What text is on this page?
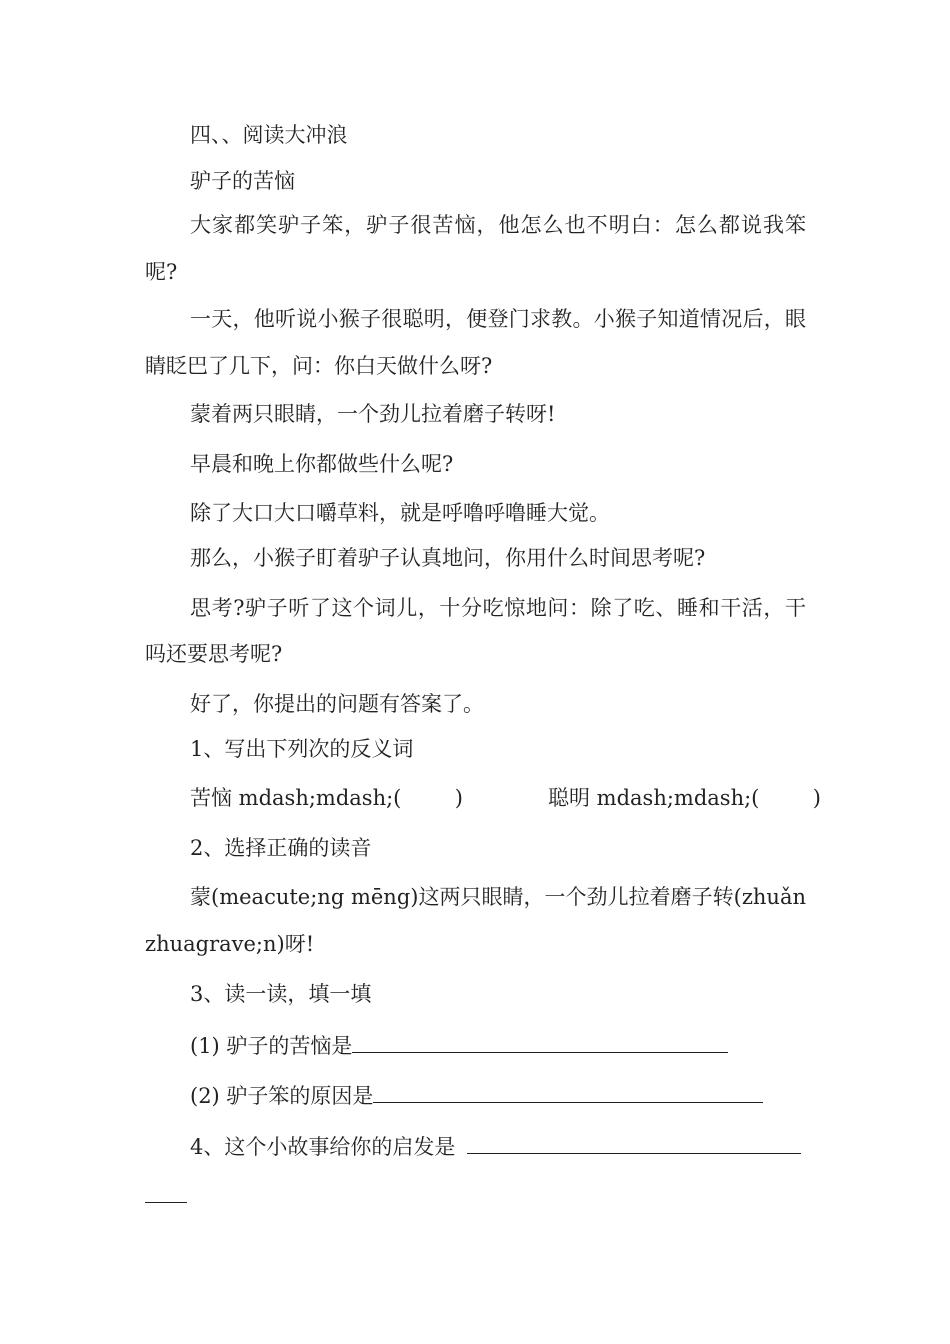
四、、阅读大冲浪
驴子的苦恼
大家都笑驴子笨，驴子很苦恼，他怎么也不明白：怎么都说我笨
呢?
一天，他听说小猴子很聪明，便登门求教。小猴子知道情况后，眼
睛眨巴了几下，问：你白天做什么呀?
蒙着两只眼睛，一个劲儿拉着磨子转呀!
早晨和晚上你都做些什么呢?
除了大口大口嚼草料，就是呼噜呼噜睡大觉。
那么，小猴子盯着驴子认真地问，你用什么时间思考呢?
思考?驴子听了这个词儿，十分吃惊地问：除了吃、睡和干活，干
吗还要思考呢?
好了，你提出的问题有答案了。
1、写出下列次的反义词
苦恼 mdash;mdash;(        )	聪明 mdash;mdash;(        )
2、选择正确的读音
蒙(meacute;ng mēng)这两只眼睛，一个劲儿拉着磨子转(zhuǎn
zhuagrave;n)呀!
3、读一读，填一填
(1) 驴子的苦恼是
(2) 驴子笨的原因是
4、这个小故事给你的启发是
